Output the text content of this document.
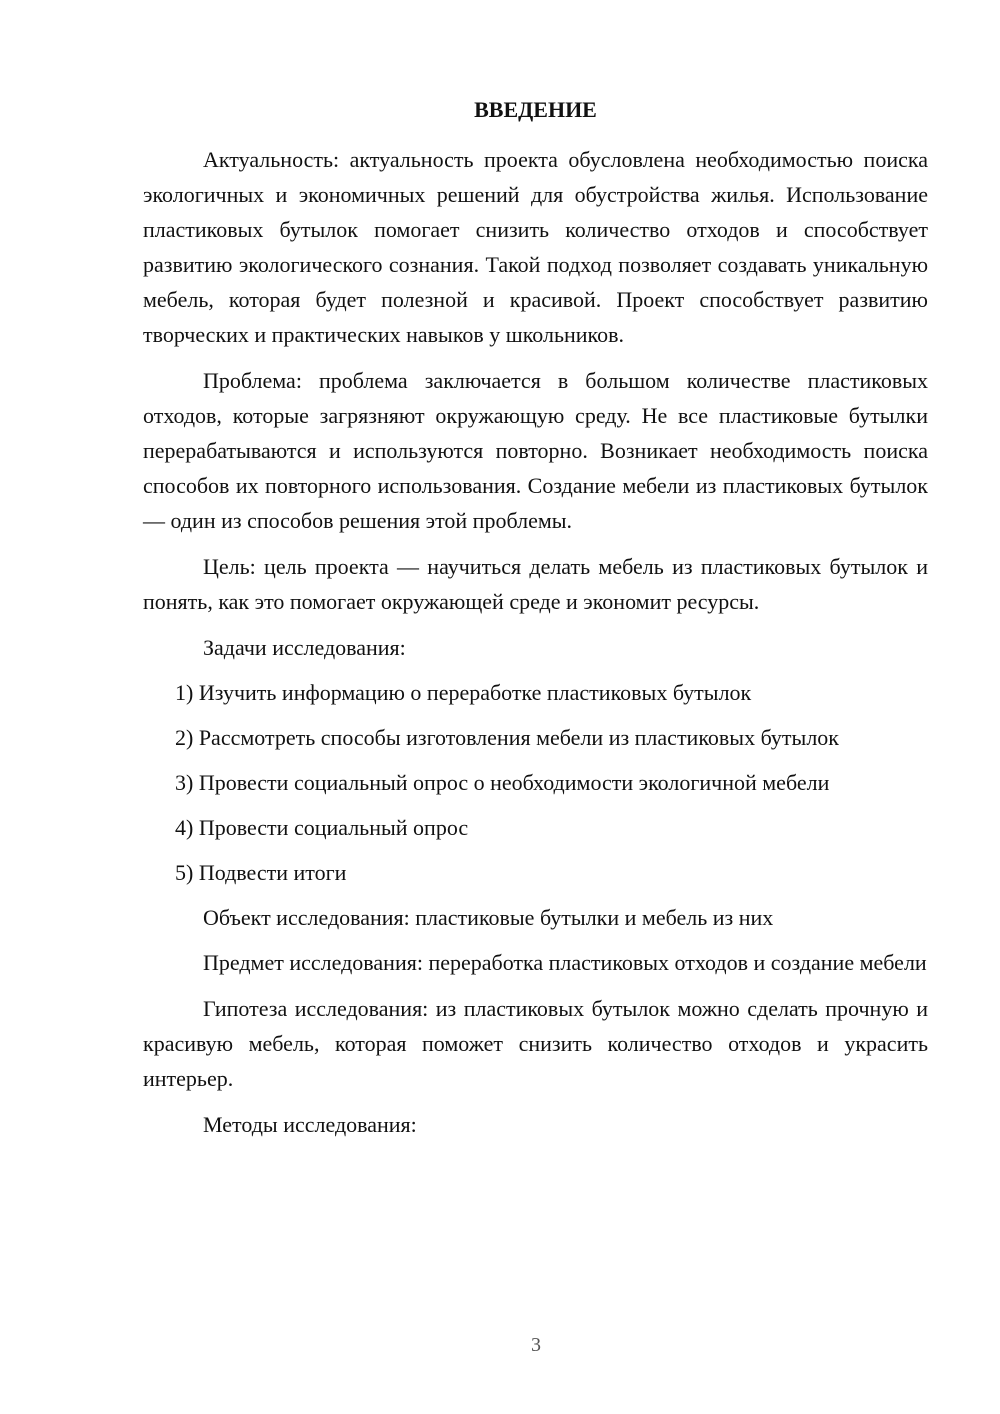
ВВЕДЕНИЕ

Актуальность: актуальность проекта обусловлена необходимостью поиска экологичных и экономичных решений для обустройства жилья. Использование пластиковых бутылок помогает снизить количество отходов и способствует развитию экологического сознания. Такой подход позволяет создавать уникальную мебель, которая будет полезной и красивой. Проект способствует развитию творческих и практических навыков у школьников.

Проблема: проблема заключается в большом количестве пластиковых отходов, которые загрязняют окружающую среду. Не все пластиковые бутылки перерабатываются и используются повторно. Возникает необходимость поиска способов их повторного использования. Создание мебели из пластиковых бутылок — один из способов решения этой проблемы.

Цель: цель проекта — научиться делать мебель из пластиковых бутылок и понять, как это помогает окружающей среде и экономит ресурсы.

Задачи исследования:

1) Изучить информацию о переработке пластиковых бутылок
2) Рассмотреть способы изготовления мебели из пластиковых бутылок
3) Провести социальный опрос о необходимости экологичной мебели
4) Провести социальный опрос
5) Подвести итоги

Объект исследования: пластиковые бутылки и мебель из них

Предмет исследования: переработка пластиковых отходов и создание мебели

Гипотеза исследования: из пластиковых бутылок можно сделать прочную и красивую мебель, которая поможет снизить количество отходов и украсить интерьер.

Методы исследования:

3
